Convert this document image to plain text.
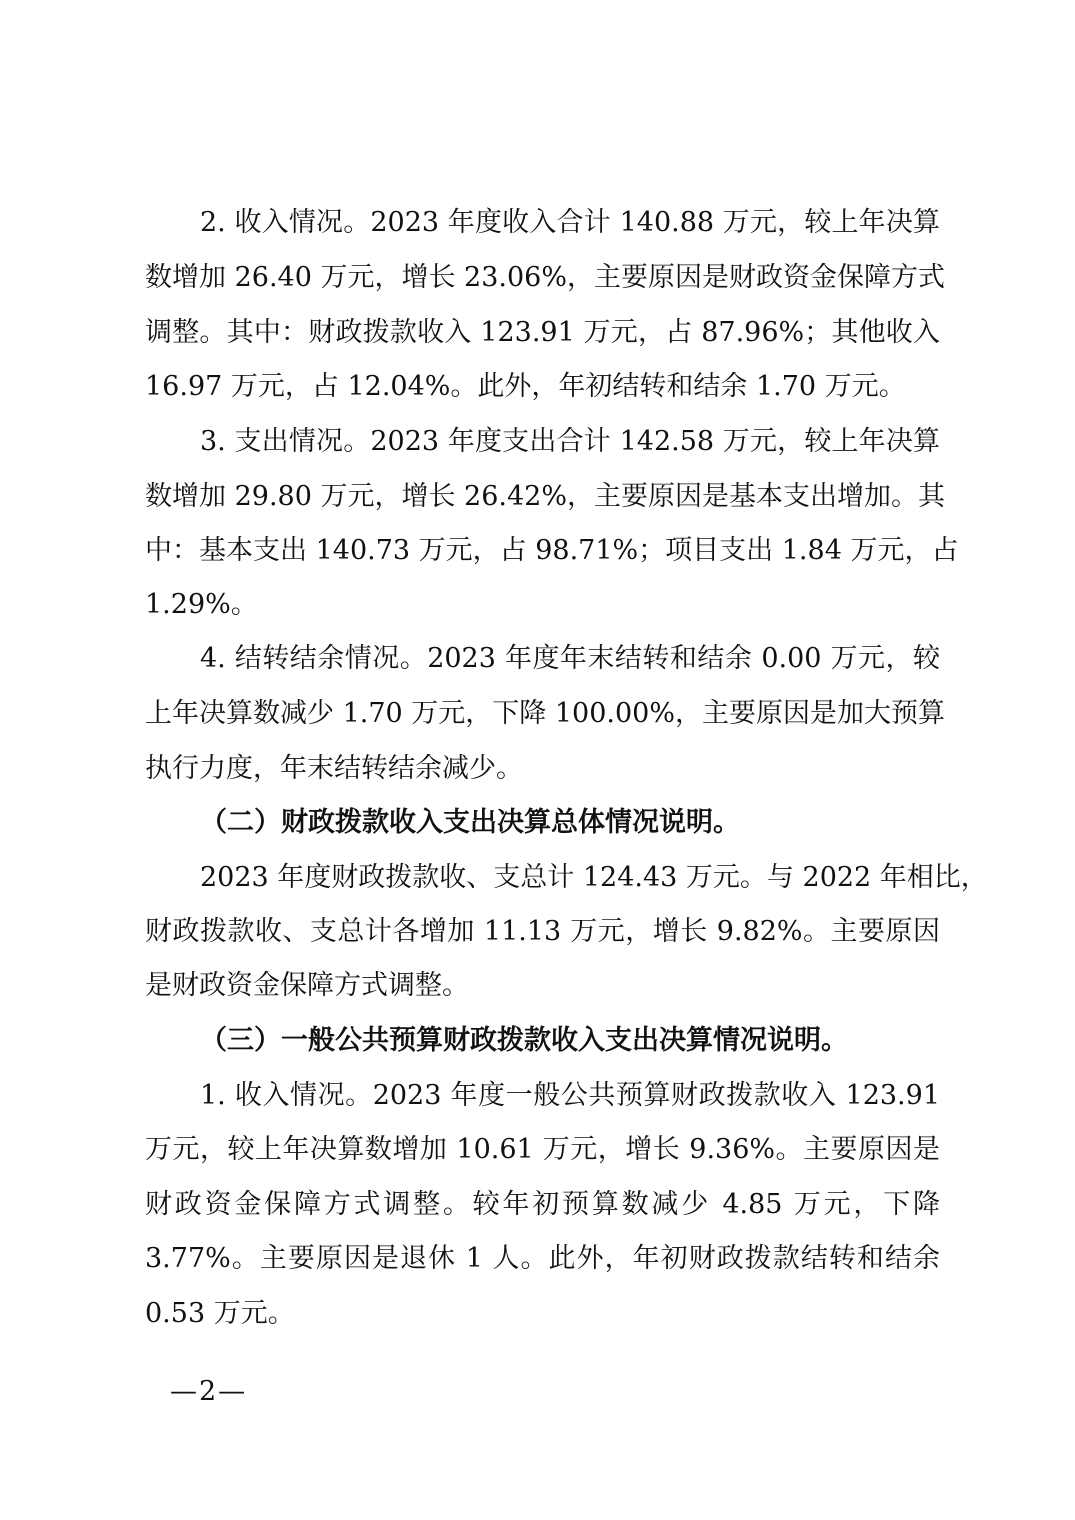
2. 收入情况。2023 年度收入合计 140.88 万元，较上年决算
数增加 26.40 万元，增长 23.06%，主要原因是财政资金保障方式
调整。其中：财政拨款收入 123.91 万元，占 87.96%；其他收入
16.97 万元，占 12.04%。此外，年初结转和结余 1.70 万元。
3. 支出情况。2023 年度支出合计 142.58 万元，较上年决算
数增加 29.80 万元，增长 26.42%，主要原因是基本支出增加。其
中：基本支出 140.73 万元，占 98.71%；项目支出 1.84 万元，占
1.29%。
4. 结转结余情况。2023 年度年末结转和结余 0.00 万元，较
上年决算数减少 1.70 万元，下降 100.00%，主要原因是加大预算
执行力度，年末结转结余减少。
（二）财政拨款收入支出决算总体情况说明。
2023 年度财政拨款收、支总计 124.43 万元。与 2022 年相比，
财政拨款收、支总计各增加 11.13 万元，增长 9.82%。主要原因
是财政资金保障方式调整。
（三）一般公共预算财政拨款收入支出决算情况说明。
1. 收入情况。2023 年度一般公共预算财政拨款收入 123.91
万元，较上年决算数增加 10.61 万元，增长 9.36%。主要原因是
财政资金保障方式调整。较年初预算数减少 4.85 万元，下降
3.77%。主要原因是退休 1 人。此外，年初财政拨款结转和结余
0.53 万元。
—2—
